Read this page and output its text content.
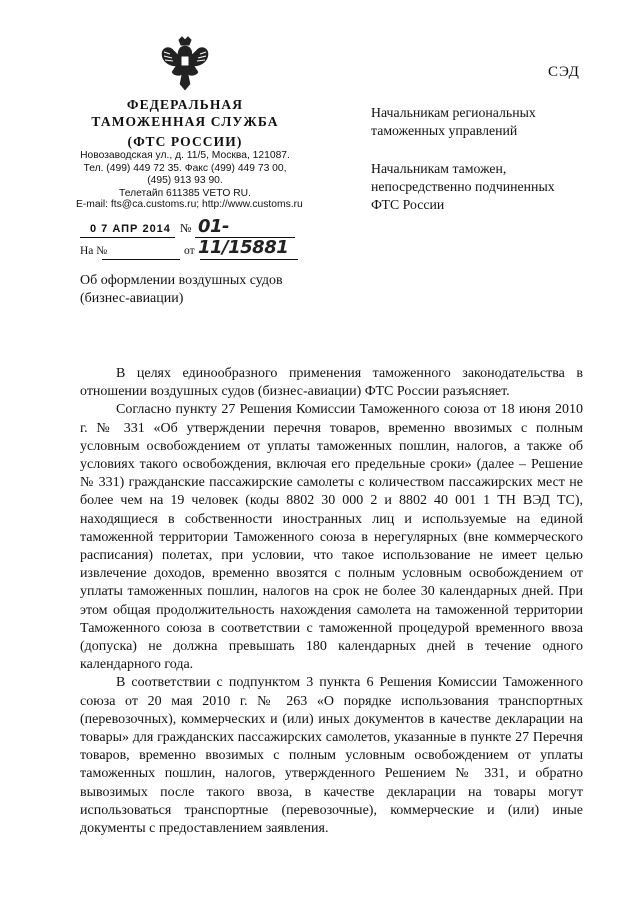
СЭД
ФЕДЕРАЛЬНАЯ
ТАМОЖЕННАЯ СЛУЖБА
(ФТС РОССИИ)
Новозаводская ул., д. 11/5, Москва, 121087.
Тел. (499) 449 72 35. Факс (499) 449 73 00,
(495) 913 93 90.
Телетайп 611385 VETO RU.
E-mail: fts@ca.customs.ru; http://www.customs.ru
0 7 АПР 2014 № 01-11/15881
На №	от
Начальникам региональных
таможенных управлений
Начальникам таможен,
непосредственно подчиненных
ФТС России
Об оформлении воздушных судов
(бизнес-авиации)

В целях единообразного применения таможенного законодательства в отношении воздушных судов (бизнес-авиации) ФТС России разъясняет.

Согласно пункту 27 Решения Комиссии Таможенного союза от 18 июня 2010 г. № 331 «Об утверждении перечня товаров, временно ввозимых с полным условным освобождением от уплаты таможенных пошлин, налогов, а также об условиях такого освобождения, включая его предельные сроки» (далее – Решение № 331) гражданские пассажирские самолеты с количеством пассажирских мест не более чем на 19 человек (коды 8802 30 000 2 и 8802 40 001 1 ТН ВЭД ТС), находящиеся в собственности иностранных лиц и используемые на единой таможенной территории Таможенного союза в нерегулярных (вне коммерческого расписания) полетах, при условии, что такое использование не имеет целью извлечение доходов, временно ввозятся с полным условным освобождением от уплаты таможенных пошлин, налогов на срок не более 30 календарных дней. При этом общая продолжительность нахождения самолета на таможенной территории Таможенного союза в соответствии с таможенной процедурой временного ввоза (допуска) не должна превышать 180 календарных дней в течение одного календарного года.

В соответствии с подпунктом 3 пункта 6 Решения Комиссии Таможенного союза от 20 мая 2010 г. № 263 «О порядке использования транспортных (перевозочных), коммерческих и (или) иных документов в качестве декларации на товары» для гражданских пассажирских самолетов, указанные в пункте 27 Перечня товаров, временно ввозимых с полным условным освобождением от уплаты таможенных пошлин, налогов, утвержденного Решением № 331, и обратно вывозимых после такого ввоза, в качестве декларации на товары могут использоваться транспортные (перевозочные), коммерческие и (или) иные документы с предоставлением заявления.
